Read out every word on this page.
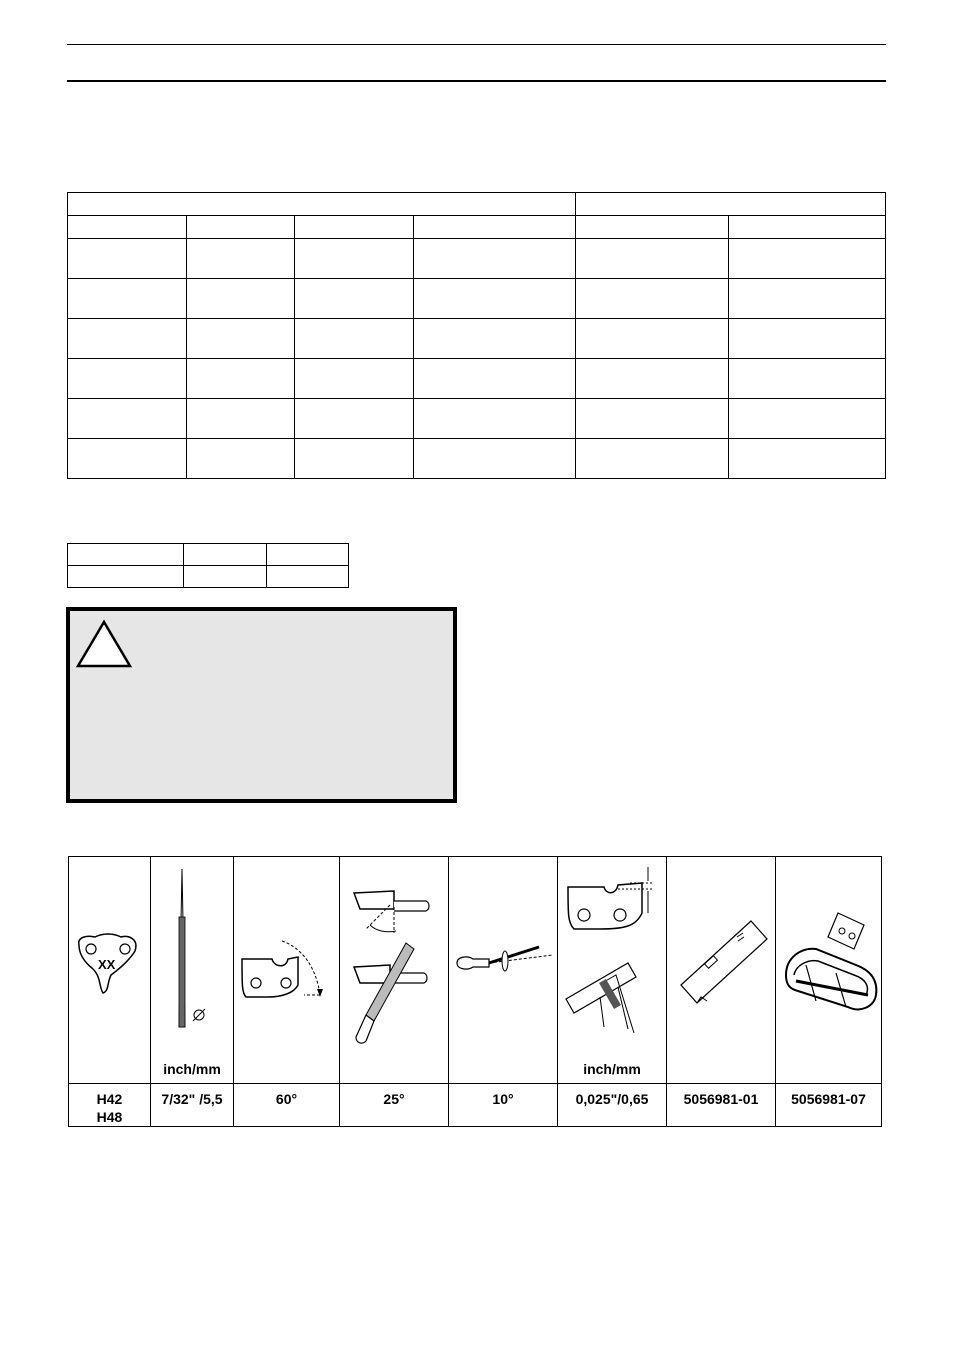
XX	inch/mm				inch/mm

H42
H48	7/32" /5,5	60°	25°	10°	0,025"/0,65	5056981-01	5056981-07
